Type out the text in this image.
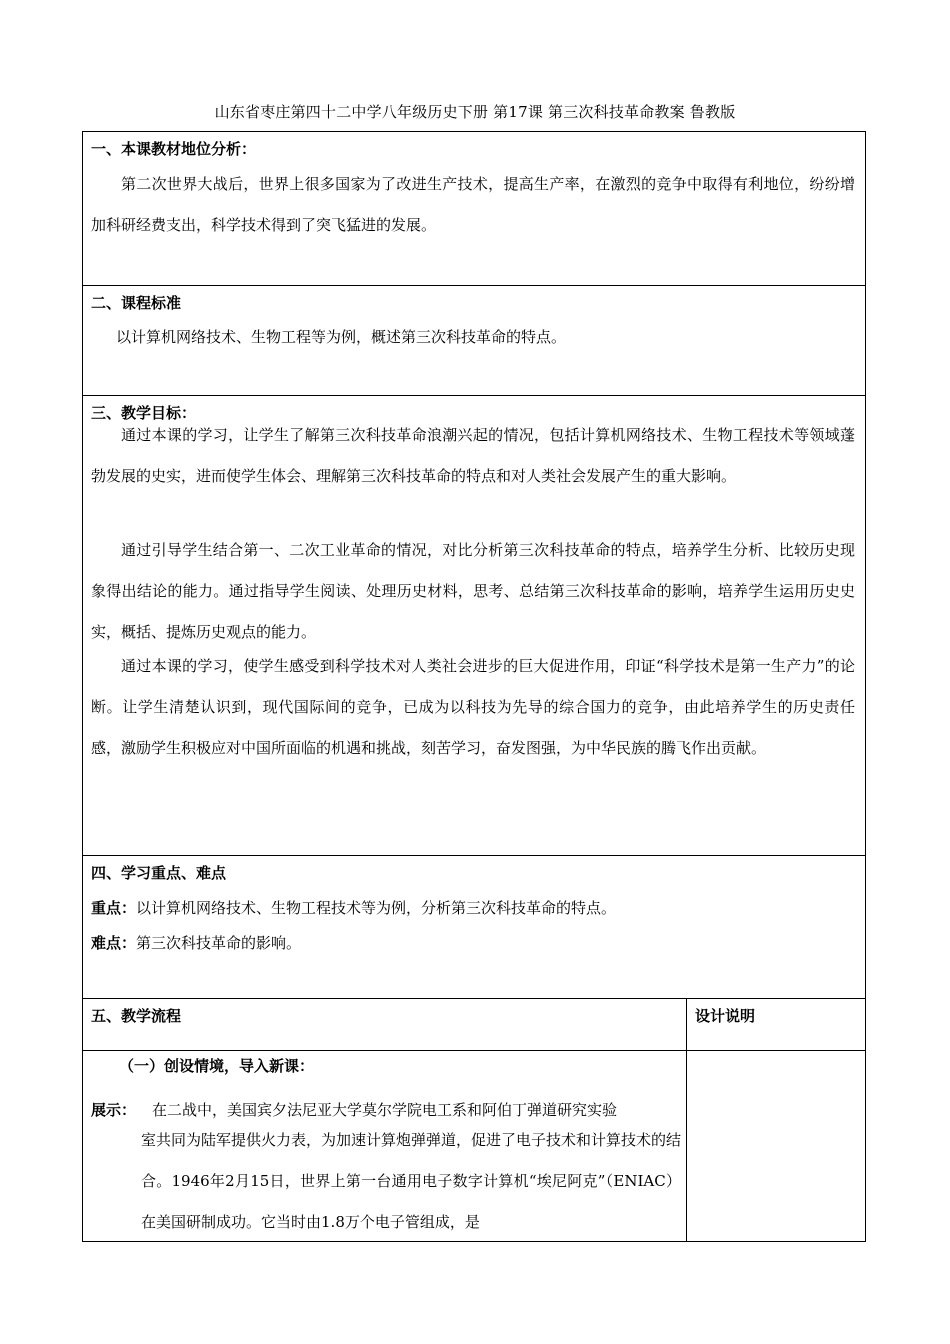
山东省枣庄第四十二中学八年级历史下册 第17课 第三次科技革命教案 鲁教版
一、本课教材地位分析：

第二次世界大战后，世界上很多国家为了改进生产技术，提高生产率，在激烈的竞争中取得有利地位，纷纷增加科研经费支出，科学技术得到了突飞猛进的发展。

二、课程标准
以计算机网络技术、生物工程等为例，概述第三次科技革命的特点。
三、教学目标：

通过本课的学习，让学生了解第三次科技革命浪潮兴起的情况，包括计算机网络技术、生物工程技术等领域蓬勃发展的史实，进而使学生体会、理解第三次科技革命的特点和对人类社会发展产生的重大影响。

通过引导学生结合第一、二次工业革命的情况，对比分析第三次科技革命的特点，培养学生分析、比较历史现象得出结论的能力。通过指导学生阅读、处理历史材料，思考、总结第三次科技革命的影响，培养学生运用历史史实，概括、提炼历史观点的能力。

通过本课的学习，使学生感受到科学技术对人类社会进步的巨大促进作用，印证“科学技术是第一生产力”的论断。让学生清楚认识到，现代国际间的竞争，已成为以科技为先导的综合国力的竞争，由此培养学生的历史责任感，激励学生积极应对中国所面临的机遇和挑战，刻苦学习，奋发图强，为中华民族的腾飞作出贡献。

四、学习重点、难点
重点：以计算机网络技术、生物工程技术等为例，分析第三次科技革命的特点。
难点：第三次科技革命的影响。
五、教学流程	设计说明
（一）创设情境，导入新课：
展示： 在二战中，美国宾夕法尼亚大学莫尔学院电工系和阿伯丁弹道研究实验

室共同为陆军提供火力表，为加速计算炮弹弹道，促进了电子技术和计算技术的结合。1946年2月15日，世界上第一台通用电子数字计算机“埃尼阿克”（ENIAC）在美国研制成功。它当时由1.8万个电子管组成，是
